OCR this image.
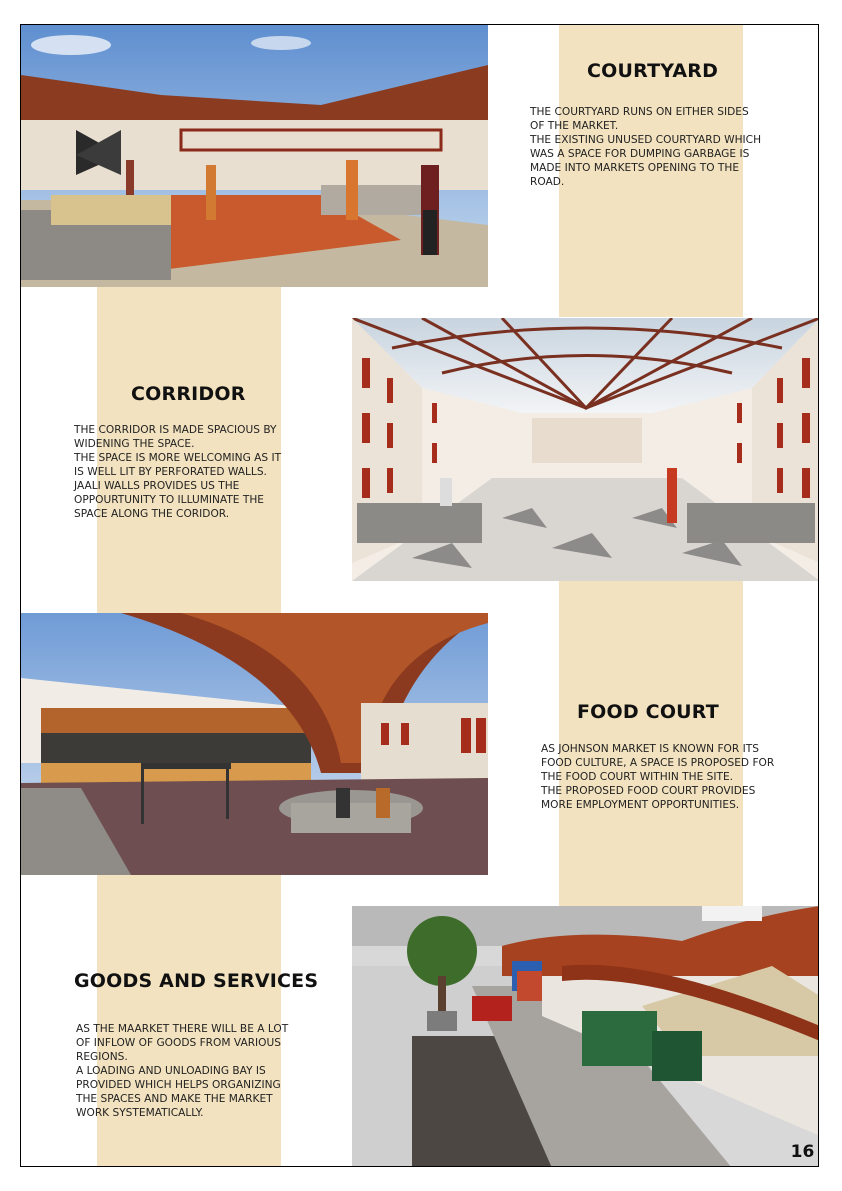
COURTYARD
THE COURTYARD RUNS ON EITHER SIDES
OF THE MARKET.
THE EXISTING UNUSED COURTYARD WHICH
WAS A SPACE FOR DUMPING GARBAGE IS
MADE INTO MARKETS OPENING TO THE
ROAD.
CORRIDOR
THE CORRIDOR IS MADE SPACIOUS BY
WIDENING THE SPACE.
THE SPACE IS MORE WELCOMING AS IT
IS WELL LIT BY PERFORATED WALLS.
JAALI WALLS PROVIDES US THE
OPPOURTUNITY TO ILLUMINATE THE
SPACE ALONG THE CORIDOR.
FOOD COURT
AS JOHNSON MARKET IS KNOWN FOR ITS
FOOD CULTURE, A SPACE IS PROPOSED FOR
THE FOOD COURT WITHIN THE SITE.
THE PROPOSED FOOD COURT PROVIDES
MORE EMPLOYMENT OPPORTUNITIES.
16
GOODS AND SERVICES
AS THE MAARKET THERE WILL BE A LOT
OF INFLOW OF GOODS FROM VARIOUS
REGIONS.
A LOADING AND UNLOADING BAY IS
PROVIDED WHICH HELPS ORGANIZING
THE SPACES AND MAKE THE MARKET
WORK SYSTEMATICALLY.
